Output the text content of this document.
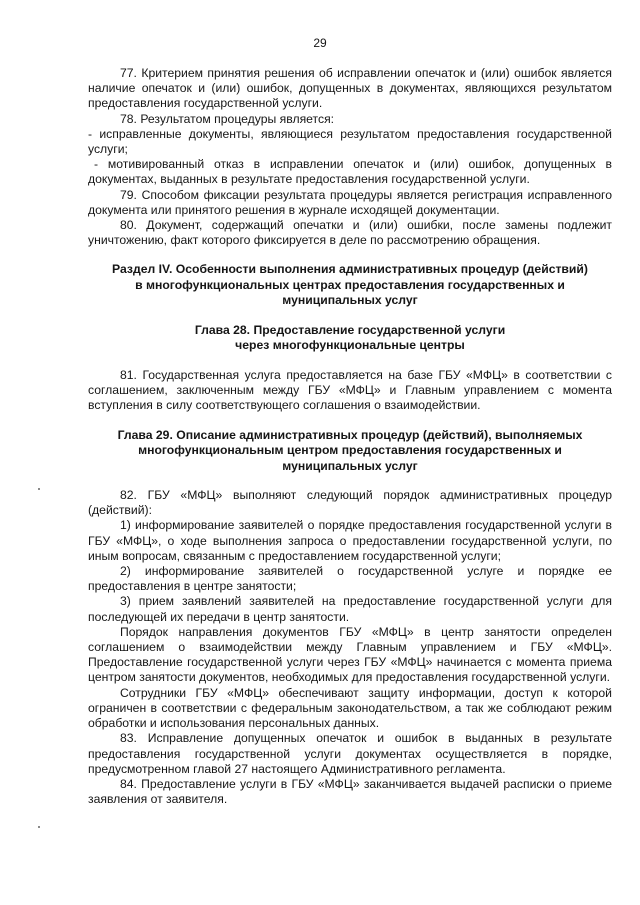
29

77. Критерием принятия решения об исправлении опечаток и (или) ошибок является наличие опечаток и (или) ошибок, допущенных в документах, являющихся результатом предоставления государственной услуги.

78. Результатом процедуры является:

- исправленные документы, являющиеся результатом предоставления государственной услуги;

- мотивированный отказ в исправлении опечаток и (или) ошибок, допущенных в документах, выданных в результате предоставления государственной услуги.

79. Способом фиксации результата процедуры является регистрация исправленного документа или принятого решения в журнале исходящей документации.

80. Документ, содержащий опечатки и (или) ошибки, после замены подлежит уничтожению, факт которого фиксируется в деле по рассмотрению обращения.

Раздел IV. Особенности выполнения административных процедур (действий)
в многофункциональных центрах предоставления государственных и
муниципальных услуг
Глава 28. Предоставление государственной услуги
через многофункциональные центры

81. Государственная услуга предоставляется на базе ГБУ «МФЦ» в соответствии с соглашением, заключенным между ГБУ «МФЦ» и Главным управлением с момента вступления в силу соответствующего соглашения о взаимодействии.

Глава 29. Описание административных процедур (действий), выполняемых
многофункциональным центром предоставления государственных и
муниципальных услуг

82. ГБУ «МФЦ» выполняют следующий порядок административных процедур (действий):

1) информирование заявителей о порядке предоставления государственной услуги в ГБУ «МФЦ», о ходе выполнения запроса о предоставлении государственной услуги, по иным вопросам, связанным с предоставлением государственной услуги;

2) информирование заявителей о государственной услуге и порядке ее предоставления в центре занятости;

3) прием заявлений заявителей на предоставление государственной услуги для последующей их передачи в центр занятости.

Порядок направления документов ГБУ «МФЦ» в центр занятости определен соглашением о взаимодействии между Главным управлением и ГБУ «МФЦ». Предоставление государственной услуги через ГБУ «МФЦ» начинается с момента приема центром занятости документов, необходимых для предоставления государственной услуги.

Сотрудники ГБУ «МФЦ» обеспечивают защиту информации, доступ к которой ограничен в соответствии с федеральным законодательством, а так же соблюдают режим обработки и использования персональных данных.

83. Исправление допущенных опечаток и ошибок в выданных в результате предоставления государственной услуги документах осуществляется в порядке, предусмотренном главой 27 настоящего Административного регламента.

84. Предоставление услуги в ГБУ «МФЦ» заканчивается выдачей расписки о приеме заявления от заявителя.
